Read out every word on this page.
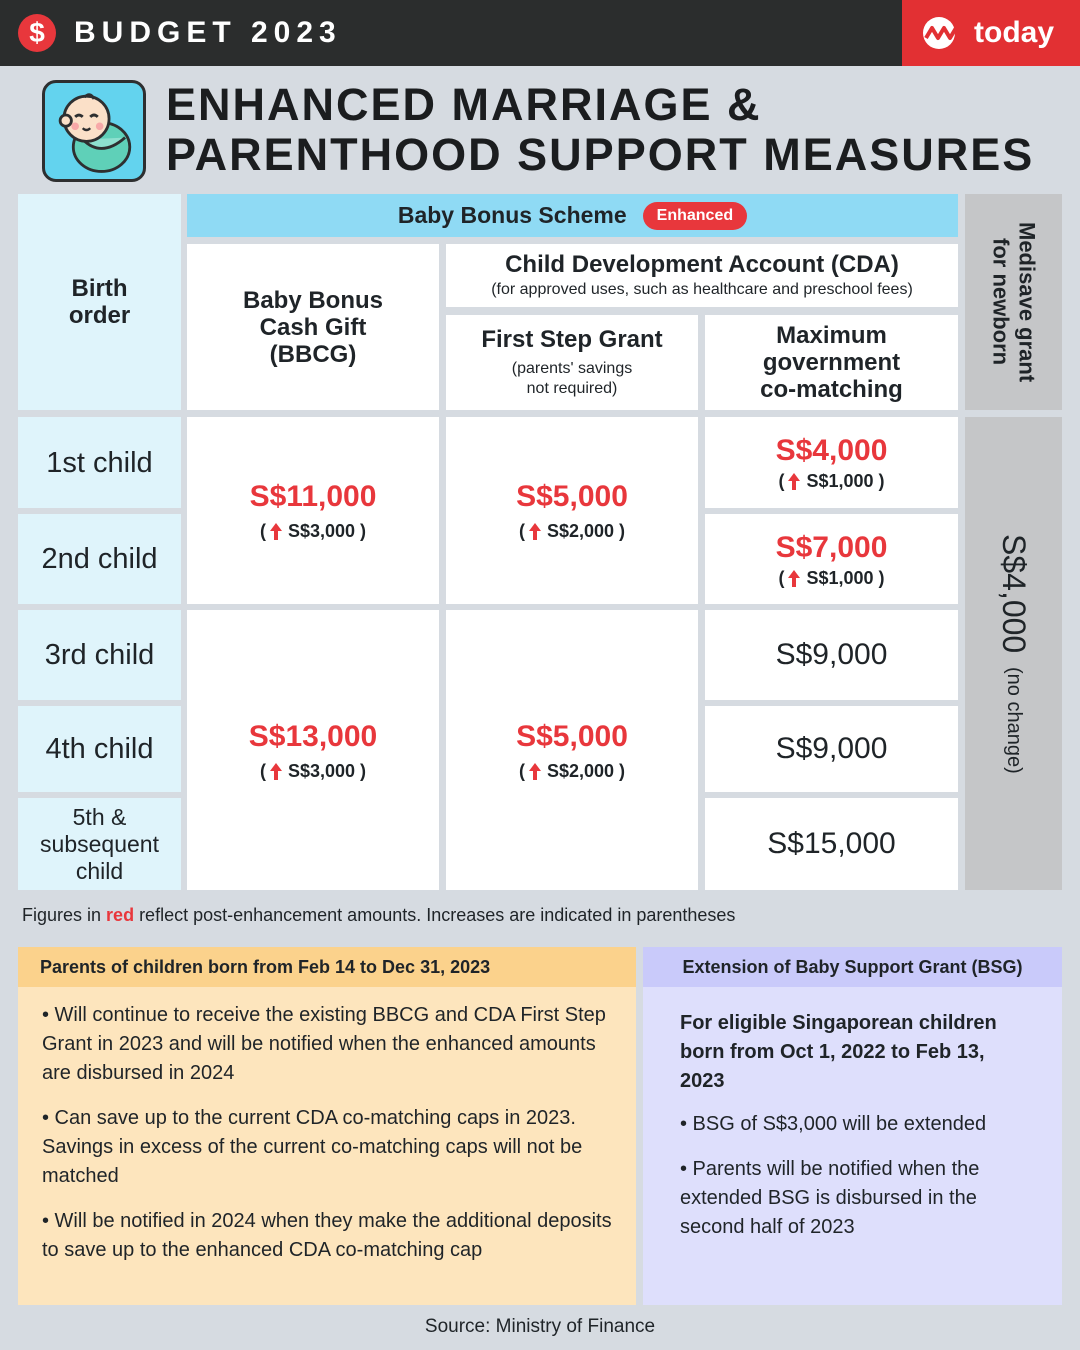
$ BUDGET 2023	today
ENHANCED MARRIAGE &
PARENTHOOD SUPPORT MEASURES
Birth
order
Baby Bonus Scheme	Enhanced
Baby Bonus
Cash Gift
(BBCG)
Child Development Account (CDA)
(for approved uses, such as healthcare and preschool fees)
First Step Grant
(parents' savings
not required)
Maximum
government
co-matching
Medisave grant
for newborn
1st child
2nd child
3rd child
4th child
5th &
subsequent
child
S$11,000
( S$3,000 )
S$13,000
( S$3,000 )
S$5,000
( S$2,000 )
S$5,000
( S$2,000 )
S$4,000
( S$1,000 )
S$7,000
( S$1,000 )
S$9,000
S$9,000
S$15,000
S$4,000
(no change)
Figures in red reflect post-enhancement amounts. Increases are indicated in parentheses
Parents of children born from Feb 14 to Dec 31, 2023
• Will continue to receive the existing BBCG and CDA First Step Grant in 2023 and will be notified when the enhanced amounts are disbursed in 2024
• Can save up to the current CDA co-matching caps in 2023. Savings in excess of the current co-matching caps will not be matched
• Will be notified in 2024 when they make the additional deposits to save up to the enhanced CDA co-matching cap
Extension of Baby Support Grant (BSG)
For eligible Singaporean children born from Oct 1, 2022 to Feb 13, 2023
• BSG of S$3,000 will be extended
• Parents will be notified when the extended BSG is disbursed in the second half of 2023
Source: Ministry of Finance
